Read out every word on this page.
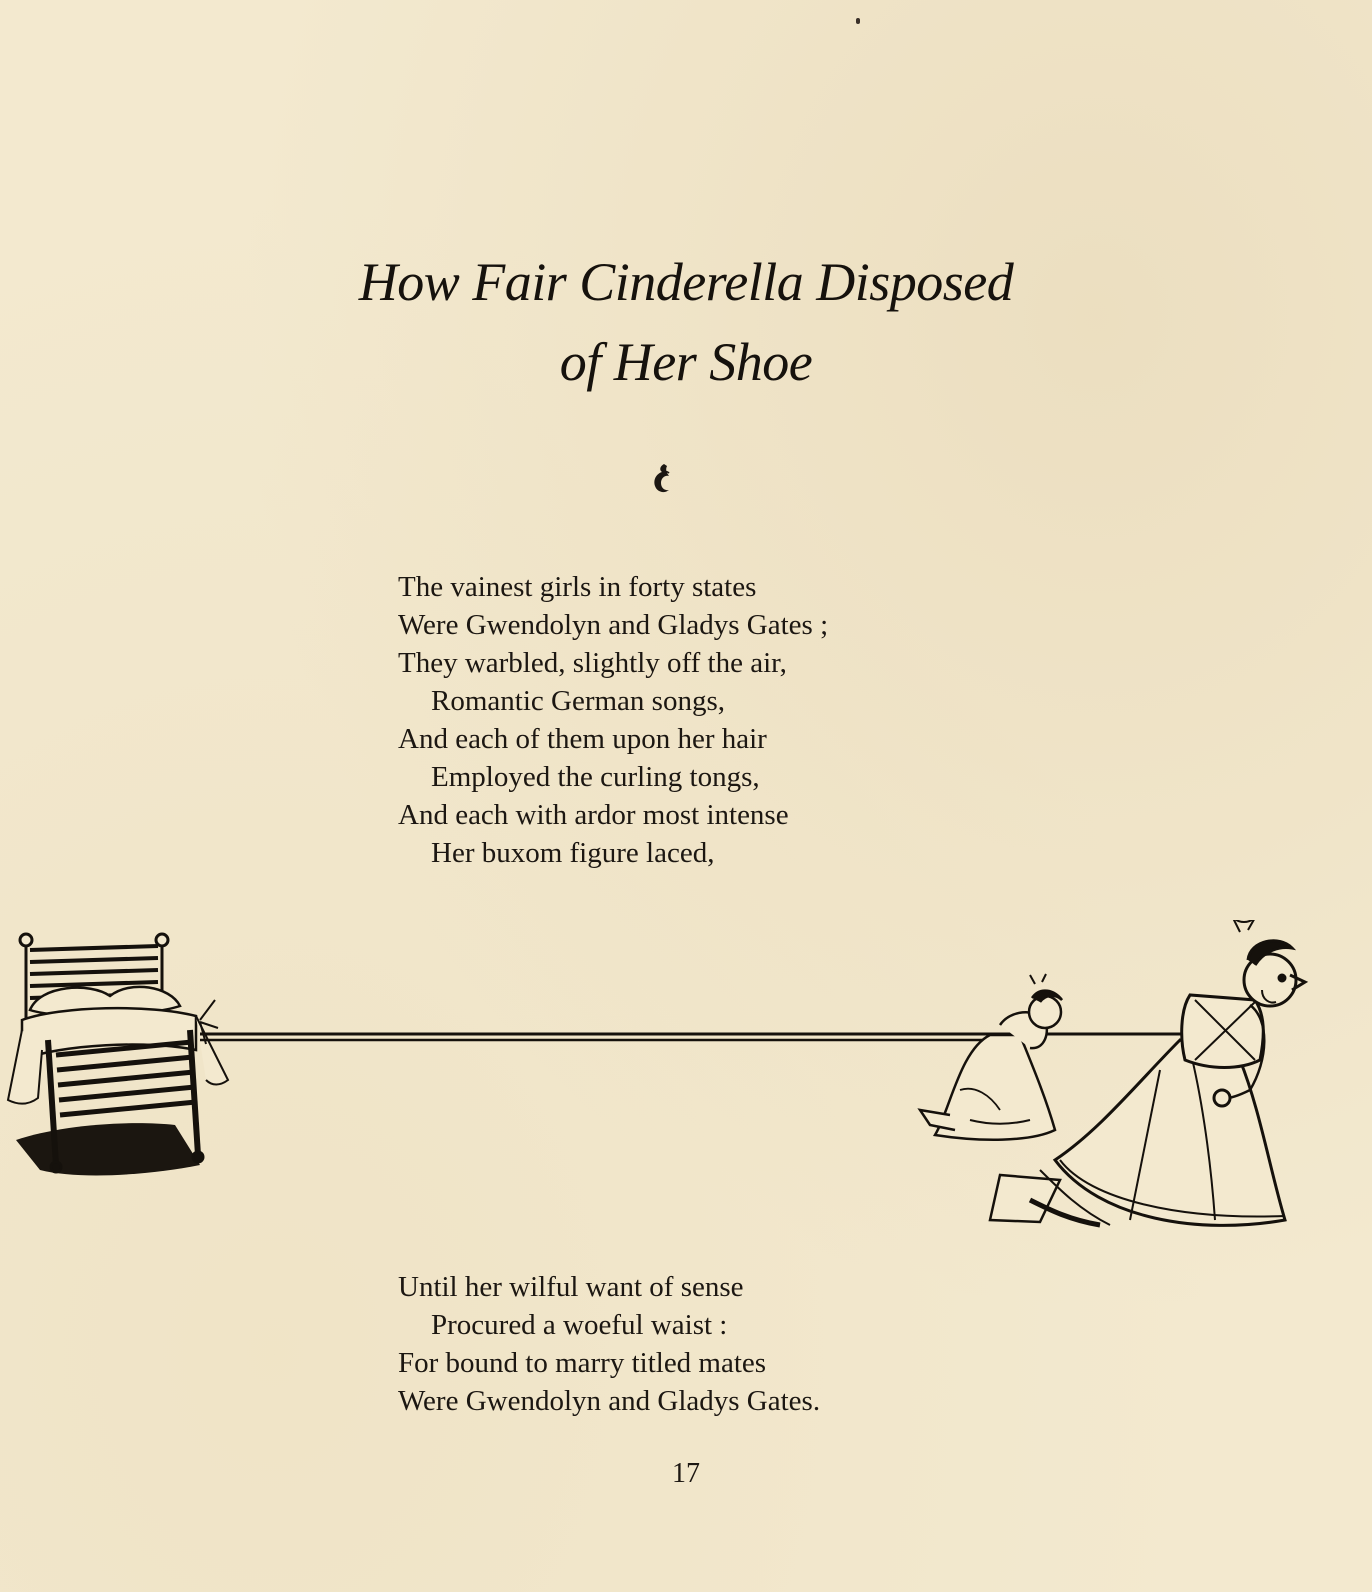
How Fair Cinderella Disposed
of Her Shoe
The vainest girls in forty states
Were Gwendolyn and Gladys Gates ;
They warbled, slightly off the air,
Romantic German songs,
And each of them upon her hair
Employed the curling tongs,
And each with ardor most intense
Her buxom figure laced,
Until her wilful want of sense
Procured a woeful waist :
For bound to marry titled mates
Were Gwendolyn and Gladys Gates.
17
